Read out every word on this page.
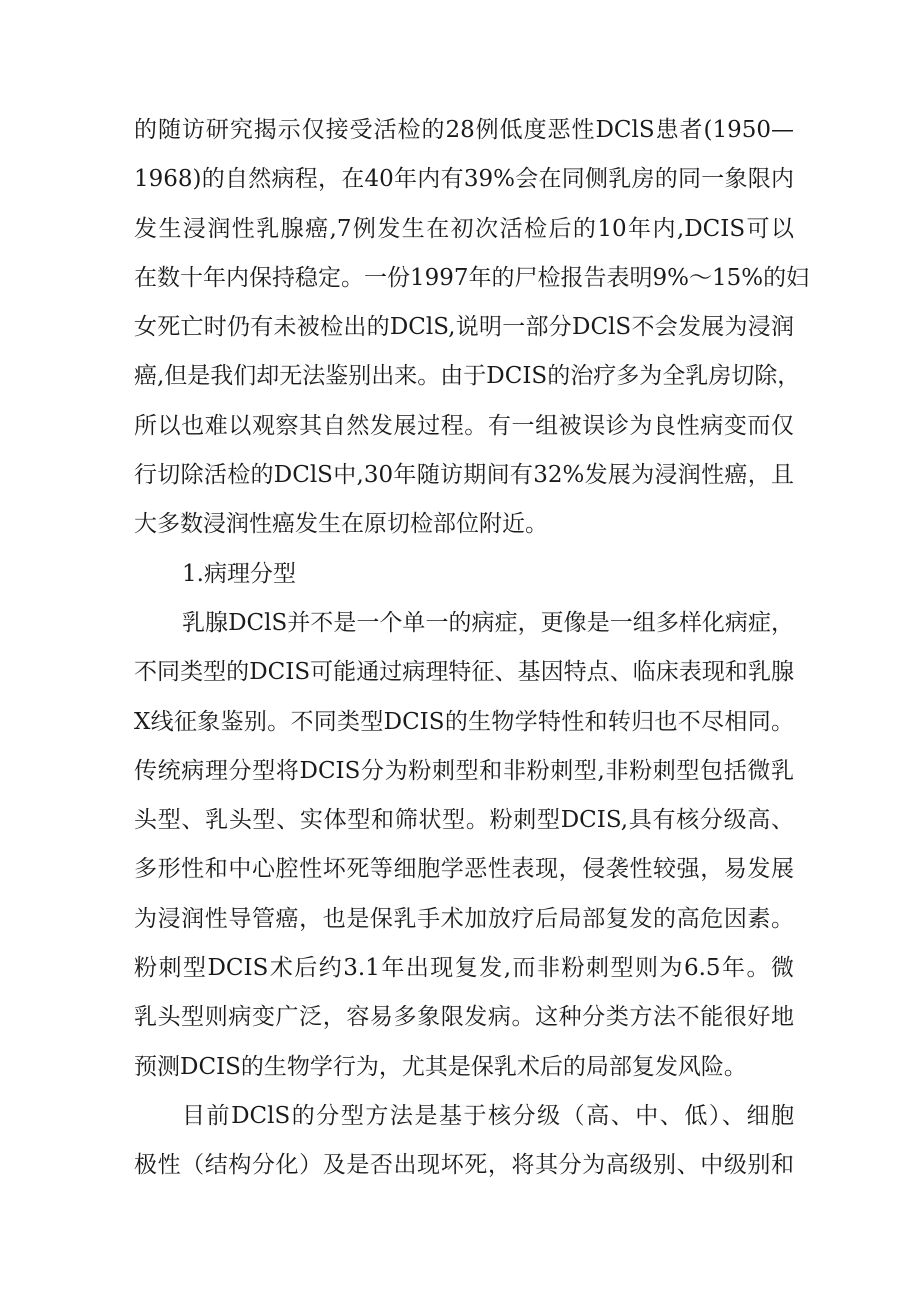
的随访研究揭示仅接受活检的28例低度恶性DClS患者(1950—
1968)的自然病程，在40年内有39%会在同侧乳房的同一象限内
发生浸润性乳腺癌,7例发生在初次活检后的10年内,DCIS可以
在数十年内保持稳定。一份1997年的尸检报告表明9%～15%的妇
女死亡时仍有未被检出的DClS,说明一部分DClS不会发展为浸润
癌,但是我们却无法鉴别出来。由于DCIS的治疗多为全乳房切除，
所以也难以观察其自然发展过程。有一组被误诊为良性病变而仅
行切除活检的DClS中,30年随访期间有32%发展为浸润性癌，且
大多数浸润性癌发生在原切检部位附近。
1.病理分型
乳腺DClS并不是一个单一的病症，更像是一组多样化病症，
不同类型的DCIS可能通过病理特征、基因特点、临床表现和乳腺
X线征象鉴别。不同类型DCIS的生物学特性和转归也不尽相同。
传统病理分型将DCIS分为粉刺型和非粉刺型,非粉刺型包括微乳
头型、乳头型、实体型和筛状型。粉刺型DCIS,具有核分级高、
多形性和中心腔性坏死等细胞学恶性表现，侵袭性较强，易发展
为浸润性导管癌，也是保乳手术加放疗后局部复发的高危因素。
粉刺型DCIS术后约3.1年出现复发,而非粉刺型则为6.5年。微
乳头型则病变广泛，容易多象限发病。这种分类方法不能很好地
预测DCIS的生物学行为，尤其是保乳术后的局部复发风险。
目前DClS的分型方法是基于核分级（高、中、低）、细胞
极性（结构分化）及是否出现坏死，将其分为高级别、中级别和
